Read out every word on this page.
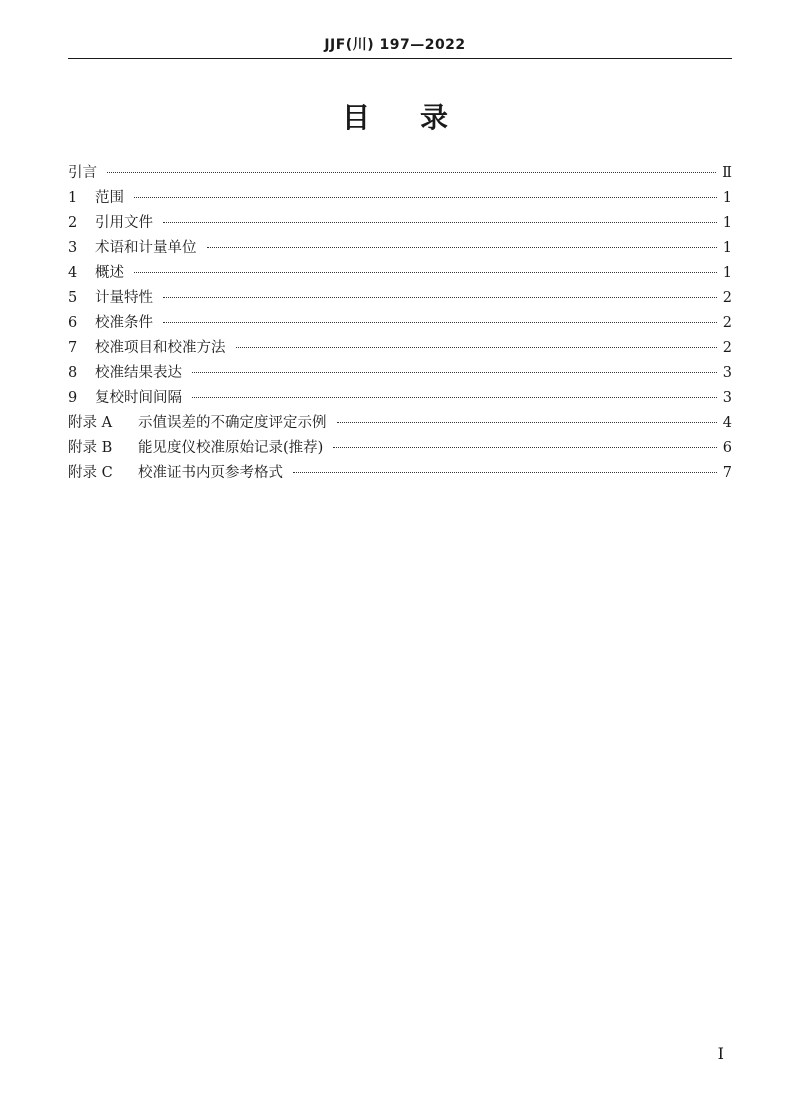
JJF(川) 197—2022
目 录
引言	Ⅱ
1 范围	1
2 引用文件	1
3 术语和计量单位	1
4 概述	1
5 计量特性	2
6 校准条件	2
7 校准项目和校准方法	2
8 校准结果表达	3
9 复校时间间隔	3
附录 A 示值误差的不确定度评定示例	4
附录 B 能见度仪校准原始记录(推荐)	6
附录 C 校准证书内页参考格式	7
I
